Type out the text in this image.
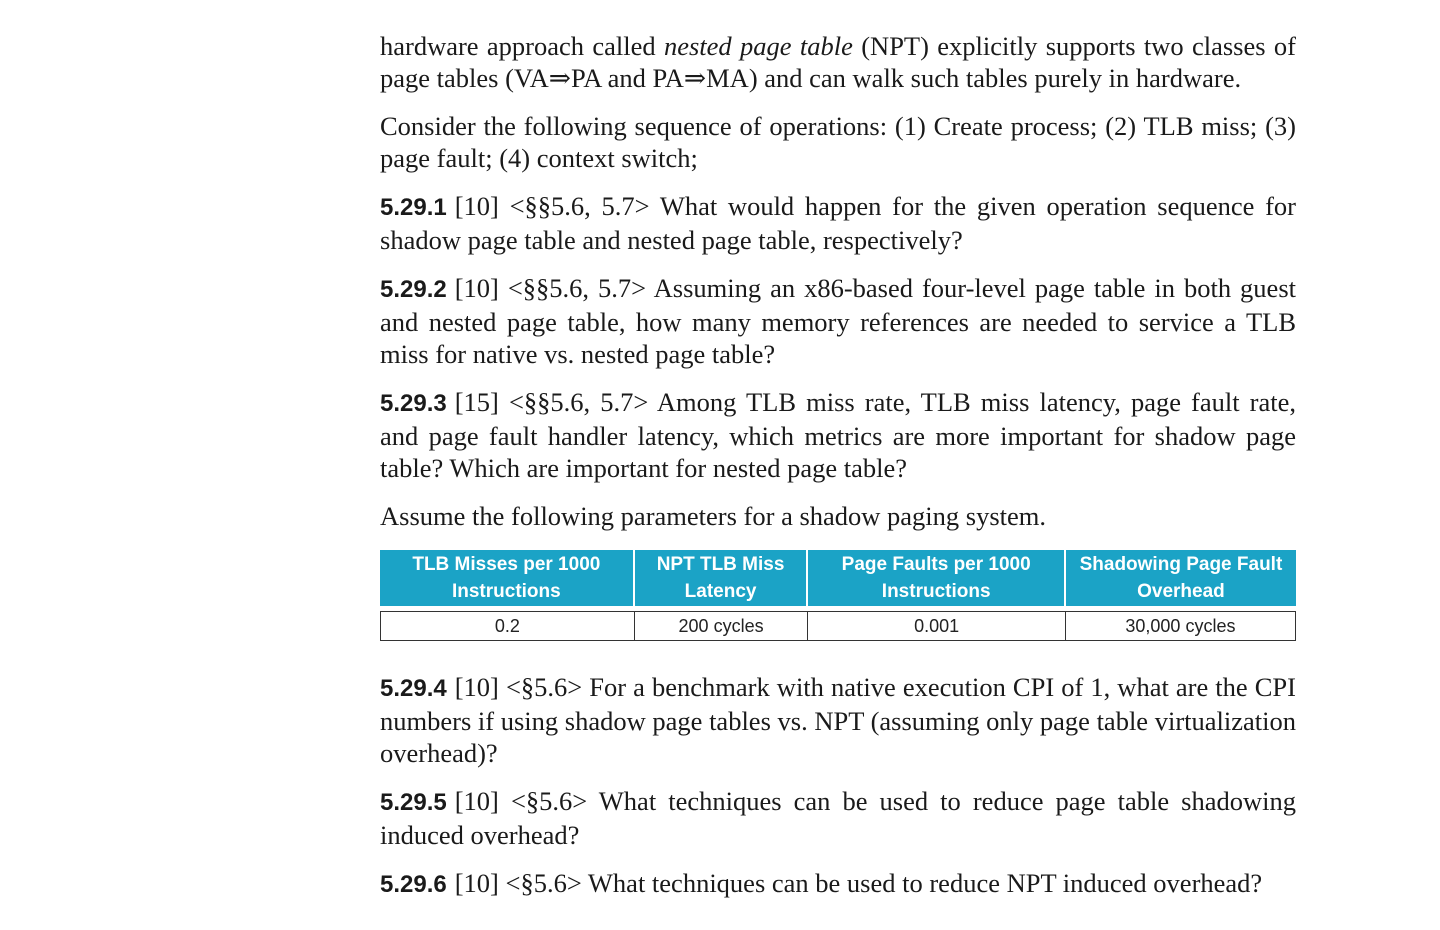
hardware approach called nested page table (NPT) explicitly supports two classes of page tables (VA⇒PA and PA⇒MA) and can walk such tables purely in hardware.

Consider the following sequence of operations: (1) Create process; (2) TLB miss; (3) page fault; (4) context switch;

5.29.1 [10] <§§5.6, 5.7> What would happen for the given operation sequence for shadow page table and nested page table, respectively?

5.29.2 [10] <§§5.6, 5.7> Assuming an x86-based four-level page table in both guest and nested page table, how many memory references are needed to service a TLB miss for native vs. nested page table?

5.29.3 [15] <§§5.6, 5.7> Among TLB miss rate, TLB miss latency, page fault rate, and page fault handler latency, which metrics are more important for shadow page table? Which are important for nested page table?

Assume the following parameters for a shadow paging system.

TLB Misses per 1000 Instructions	NPT TLB Miss Latency	Page Faults per 1000 Instructions	Shadowing Page Fault Overhead

0.2	200 cycles	0.001	30,000 cycles

5.29.4 [10] <§5.6> For a benchmark with native execution CPI of 1, what are the CPI numbers if using shadow page tables vs. NPT (assuming only page table virtualization overhead)?

5.29.5 [10] <§5.6> What techniques can be used to reduce page table shadowing induced overhead?

5.29.6 [10] <§5.6> What techniques can be used to reduce NPT induced overhead?
